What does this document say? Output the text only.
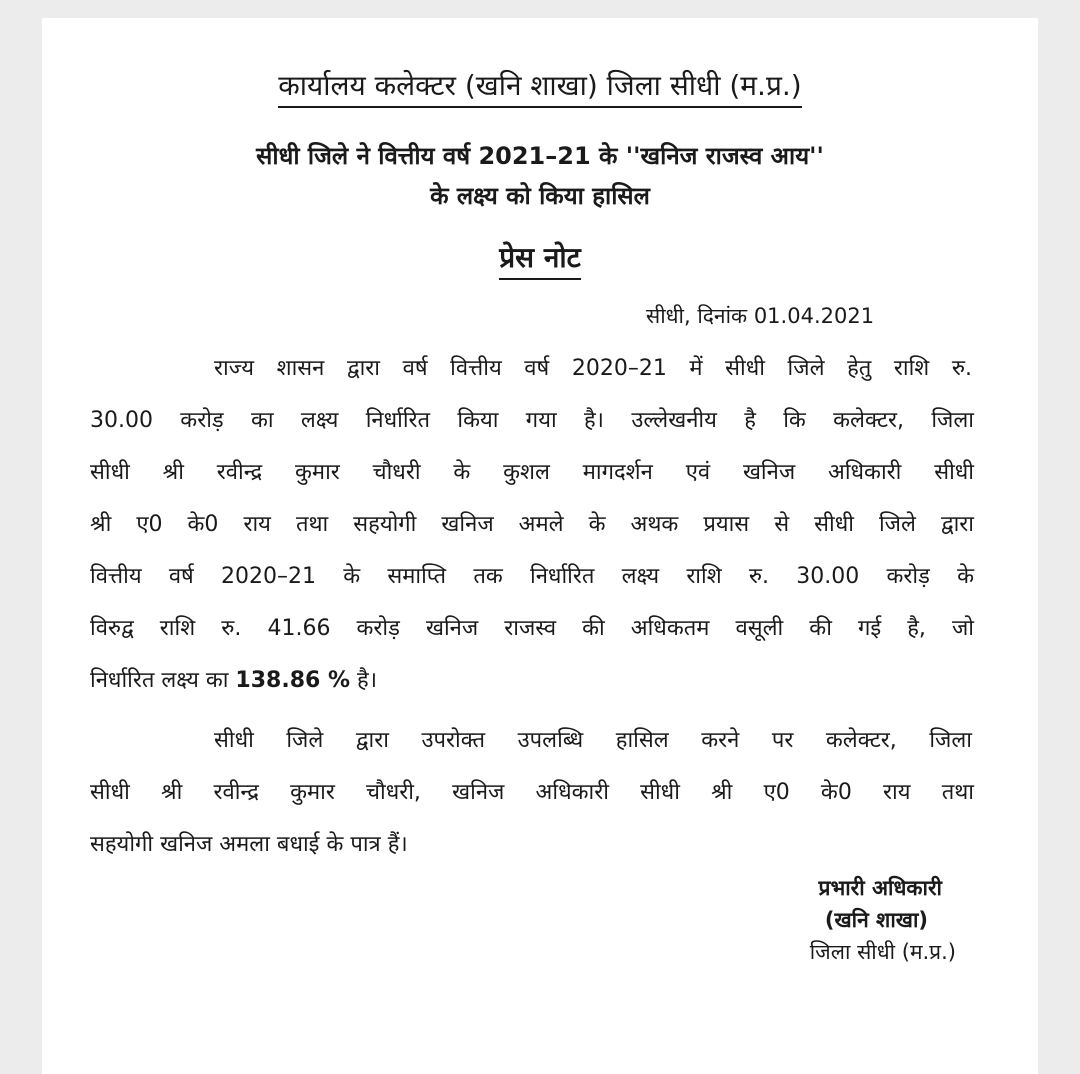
कार्यालय कलेक्टर (खनि शाखा) जिला सीधी (म.प्र.)
सीधी जिले ने वित्तीय वर्ष 2021–21 के ''खनिज राजस्व आय''
के लक्ष्य को किया हासिल
प्रेस नोट
सीधी, दिनांक 01.04.2021
राज्य शासन द्वारा वर्ष वित्तीय वर्ष 2020–21 में सीधी जिले हेतु राशि रु.
30.00 करोड़ का लक्ष्य निर्धारित किया गया है। उल्लेखनीय है कि कलेक्टर, जिला
सीधी श्री रवीन्द्र कुमार चौधरी के कुशल मागदर्शन एवं खनिज अधिकारी सीधी
श्री ए0 के0 राय तथा सहयोगी खनिज अमले के अथक प्रयास से सीधी जिले द्वारा
वित्तीय वर्ष 2020–21 के समाप्ति तक निर्धारित लक्ष्य राशि रु. 30.00 करोड़ के
विरुद्व राशि रु. 41.66 करोड़ खनिज राजस्व की अधिकतम वसूली की गई है, जो
निर्धारित लक्ष्य का 138.86 % है।
सीधी जिले द्वारा उपरोक्त उपलब्धि हासिल करने पर कलेक्टर, जिला
सीधी श्री रवीन्द्र कुमार चौधरी, खनिज अधिकारी सीधी श्री ए0 के0 राय तथा
सहयोगी खनिज अमला बधाई के पात्र हैं।
प्रभारी अधिकारी
(खनि शाखा)
जिला सीधी (म.प्र.)
